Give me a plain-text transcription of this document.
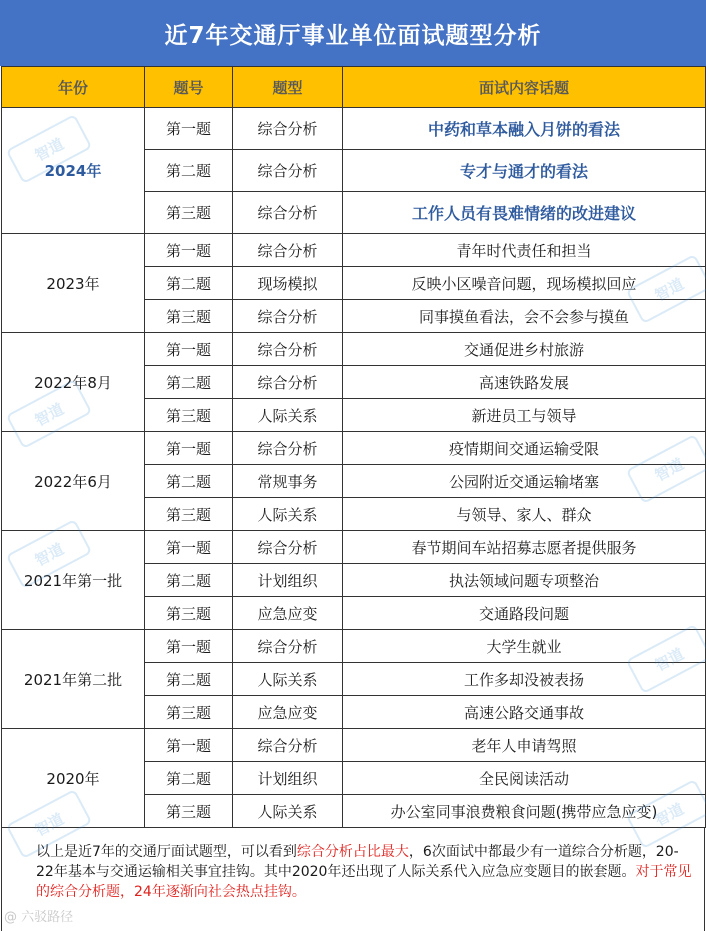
近7年交通厅事业单位面试题型分析
年份	题号	题型	面试内容话题
2024年	第一题	综合分析	中药和草本融入月饼的看法
	第二题	综合分析	专才与通才的看法
	第三题	综合分析	工作人员有畏难情绪的改进建议
2023年	第一题	综合分析	青年时代责任和担当
	第二题	现场模拟	反映小区噪音问题，现场模拟回应
	第三题	综合分析	同事摸鱼看法，会不会参与摸鱼
2022年8月	第一题	综合分析	交通促进乡村旅游
	第二题	综合分析	高速铁路发展
	第三题	人际关系	新进员工与领导
2022年6月	第一题	综合分析	疫情期间交通运输受限
	第二题	常规事务	公园附近交通运输堵塞
	第三题	人际关系	与领导、家人、群众
2021年第一批	第一题	综合分析	春节期间车站招募志愿者提供服务
	第二题	计划组织	执法领域问题专项整治
	第三题	应急应变	交通路段问题
2021年第二批	第一题	综合分析	大学生就业
	第二题	人际关系	工作多却没被表扬
	第三题	应急应变	高速公路交通事故
2020年	第一题	综合分析	老年人申请驾照
	第二题	计划组织	全民阅读活动
	第三题	人际关系	办公室同事浪费粮食问题(携带应急应变)
以上是近7年的交通厅面试题型，可以看到综合分析占比最大，6次面试中都最少有一道综合分析题，20-22年基本与交通运输相关事宜挂钩。其中2020年还出现了人际关系代入应急应变题目的嵌套题。对于常见的综合分析题，24年逐渐向社会热点挂钩。
智道
智道
智道
智道
智道
智道
智道	智道
@ 六驳路径
